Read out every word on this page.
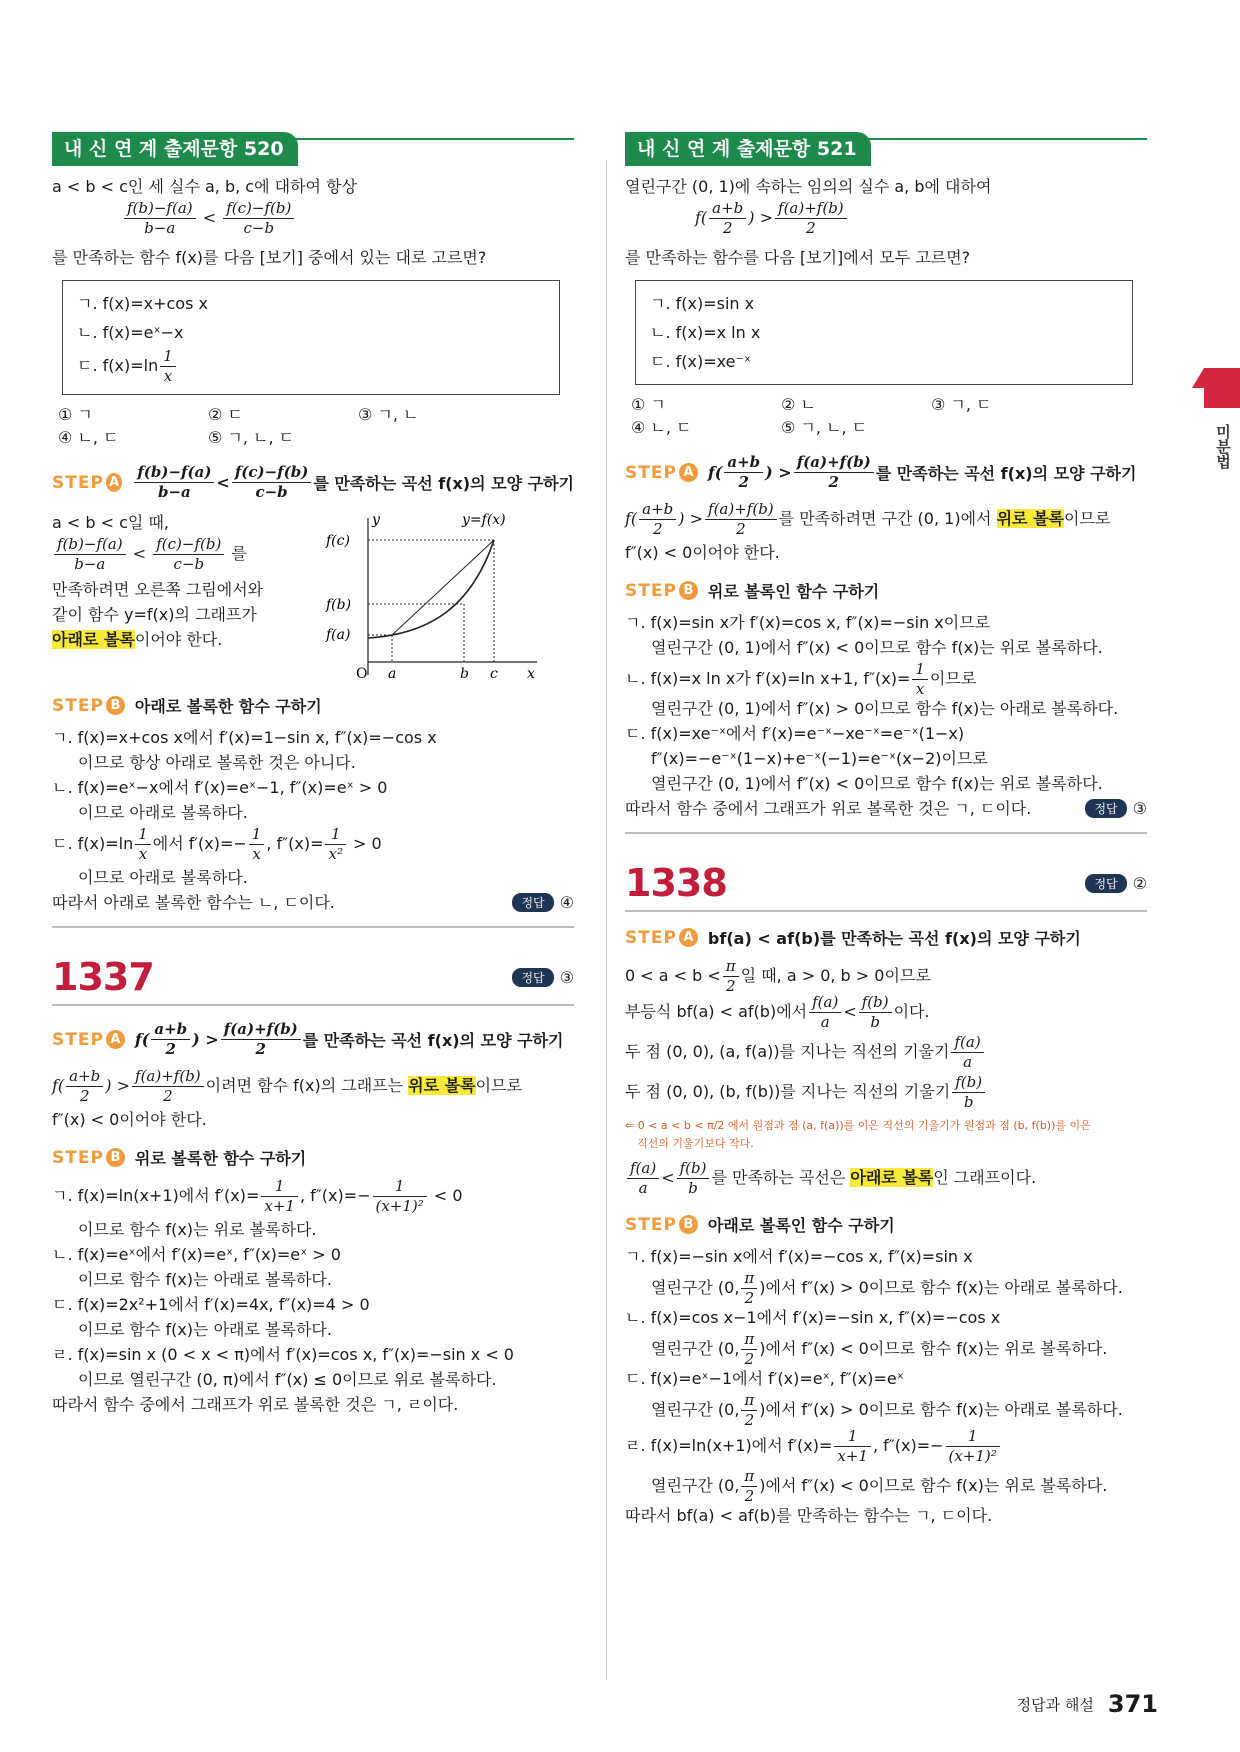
미분법
내 신 연 계 출제문항 520
a < b < c인 세 실수 a, b, c에 대하여 항상
$\frac{f(b)-f(a)}{b-a} < \frac{f(c)-f(b)}{c-b}$
를 만족하는 함수 f(x)를 다음 [보기] 중에서 있는 대로 고르면?
ㄱ. f(x)=x+cos x
ㄴ. f(x)=eˣ−x
ㄷ. $f(x)=\ln \frac{1}{x}$
① ㄱ	② ㄷ	③ ㄱ, ㄴ
④ ㄴ, ㄷ	⑤ ㄱ, ㄴ, ㄷ
STEP A $\frac{f(b)-f(a)}{b-a} < \frac{f(c)-f(b)}{c-b}$ 를 만족하는 곡선 f(x)의 모양 구하기
a < b < c일 때,
$\frac{f(b)-f(a)}{b-a} < \frac{f(c)-f(b)}{c-b}$ 를
만족하려면 오른쪽 그림에서와
같이 함수 y=f(x)의 그래프가
아래로 볼록이어야 한다.
y
x
y=f(x)
O a	b c
f(c)
f(b)
f(a)
STEP B 아래로 볼록한 함수 구하기
ㄱ. f(x)=x+cos x에서 f′(x)=1−sin x, f″(x)=−cos x
이므로 항상 아래로 볼록한 것은 아니다.
ㄴ. f(x)=eˣ−x에서 f′(x)=eˣ−1, f″(x)=eˣ > 0
이므로 아래로 볼록하다.
ㄷ. $f(x)=\ln \frac{1}{x}$ 에서 $f'(x)=- \frac{1}{x}$ , $f''(x)= \frac{1}{\text{x²}} > 0$
이므로 아래로 볼록하다.
따라서 아래로 볼록한 함수는 ㄴ, ㄷ이다.	정답 ④
1337	정답 ③
STEP A $f( \frac{a+b}{2}$ ) > $\frac{f(a)+f(b)}{2}$ 를 만족하는 곡선 f(x)의 모양 구하기
$f( \frac{a+b}{2}$ ) > $\frac{f(a)+f(b)}{2}$ 이려면 함수 f(x)의 그래프는 위로 볼록이므로
f″(x) < 0이어야 한다.
STEP B 위로 볼록한 함수 구하기
ㄱ. f(x)=ln(x+1)에서 $f'(x)= \frac{1}{x+1}$ , $f''(x)=- \frac{1}{\text{(x+1)²}} < 0$
이므로 함수 f(x)는 위로 볼록하다.
ㄴ. f(x)=eˣ에서 f′(x)=eˣ, f″(x)=eˣ > 0
이므로 함수 f(x)는 아래로 볼록하다.
ㄷ. f(x)=2x²+1에서 f′(x)=4x, f″(x)=4 > 0
이므로 함수 f(x)는 아래로 볼록하다.
ㄹ. f(x)=sin x (0 < x < π)에서 f′(x)=cos x, f″(x)=−sin x < 0
이므로 열린구간 (0, π)에서 f″(x) ≤ 0이므로 위로 볼록하다.
따라서 함수 중에서 그래프가 위로 볼록한 것은 ㄱ, ㄹ이다.
내 신 연 계 출제문항 521
열린구간 (0, 1)에 속하는 임의의 실수 a, b에 대하여
$f( \frac{a+b}{2}$ ) > $\frac{f(a)+f(b)}{2}$
를 만족하는 함수를 다음 [보기]에서 모두 고르면?
ㄱ. f(x)=sin x
ㄴ. f(x)=x ln x
ㄷ. f(x)=xe⁻ˣ
① ㄱ	② ㄴ	③ ㄱ, ㄷ
④ ㄴ, ㄷ	⑤ ㄱ, ㄴ, ㄷ
STEP A $f( \frac{a+b}{2}$ ) > $\frac{f(a)+f(b)}{2}$ 를 만족하는 곡선 f(x)의 모양 구하기
$f( \frac{a+b}{2}$ ) > $\frac{f(a)+f(b)}{2}$ 를 만족하려면 구간 (0, 1)에서 위로 볼록이므로
f″(x) < 0이어야 한다.
STEP B 위로 볼록인 함수 구하기
ㄱ. f(x)=sin x가 f′(x)=cos x, f″(x)=−sin x이므로
열린구간 (0, 1)에서 f″(x) < 0이므로 함수 f(x)는 위로 볼록하다.
ㄴ. f(x)=x ln x가 f′(x)=ln x+1, $f''(x)= \frac{1}{x}$ 이므로
열린구간 (0, 1)에서 f″(x) > 0이므로 함수 f(x)는 아래로 볼록하다.
ㄷ. f(x)=xe⁻ˣ에서 f′(x)=e⁻ˣ−xe⁻ˣ=e⁻ˣ(1−x)
f″(x)=−e⁻ˣ(1−x)+e⁻ˣ(−1)=e⁻ˣ(x−2)이므로
열린구간 (0, 1)에서 f″(x) < 0이므로 함수 f(x)는 위로 볼록하다.
따라서 함수 중에서 그래프가 위로 볼록한 것은 ㄱ, ㄷ이다.	정답 ③
1338	정답 ②
STEP A bf(a) < af(b)를 만족하는 곡선 f(x)의 모양 구하기
$0 < a < b < \frac{\pi}{2}$ 일 때, a > 0, b > 0이므로
부등식 bf(a) < af(b)에서 $\frac{f(a)}{a} < \frac{f(b)}{b}$ 이다.
두 점 (0, 0), (a, f(a))를 지나는 직선의 기울기 $\frac{f(a)}{a}$
두 점 (0, 0), (b, f(b))를 지나는 직선의 기울기 $\frac{f(b)}{b}$
⇐ 0 < a < b < π/2 에서 원점과 점 (a, f(a))를 이은 직선의 기울기가 원점과 점 (b, f(b))를 이은
직선의 기울기보다 작다.
$\frac{f(a)}{a} < \frac{f(b)}{b}$ 를 만족하는 곡선은 아래로 볼록인 그래프이다.
STEP B 아래로 볼록인 함수 구하기
ㄱ. f(x)=−sin x에서 f′(x)=−cos x, f″(x)=sin x
열린구간 (0, $\frac{\pi}{2}$ )에서 f″(x) > 0이므로 함수 f(x)는 아래로 볼록하다.
ㄴ. f(x)=cos x−1에서 f′(x)=−sin x, f″(x)=−cos x
열린구간 (0, $\frac{\pi}{2}$ )에서 f″(x) < 0이므로 함수 f(x)는 위로 볼록하다.
ㄷ. f(x)=eˣ−1에서 f′(x)=eˣ, f″(x)=eˣ
열린구간 (0, $\frac{\pi}{2}$ )에서 f″(x) > 0이므로 함수 f(x)는 아래로 볼록하다.
ㄹ. f(x)=ln(x+1)에서 $f'(x)= \frac{1}{x+1}$ , $f''(x)=- \frac{1}{\text{(x+1)²}}$
열린구간 (0, $\frac{\pi}{2}$ )에서 f″(x) < 0이므로 함수 f(x)는 위로 볼록하다.
따라서 bf(a) < af(b)를 만족하는 함수는 ㄱ, ㄷ이다.
정답과 해설 371
